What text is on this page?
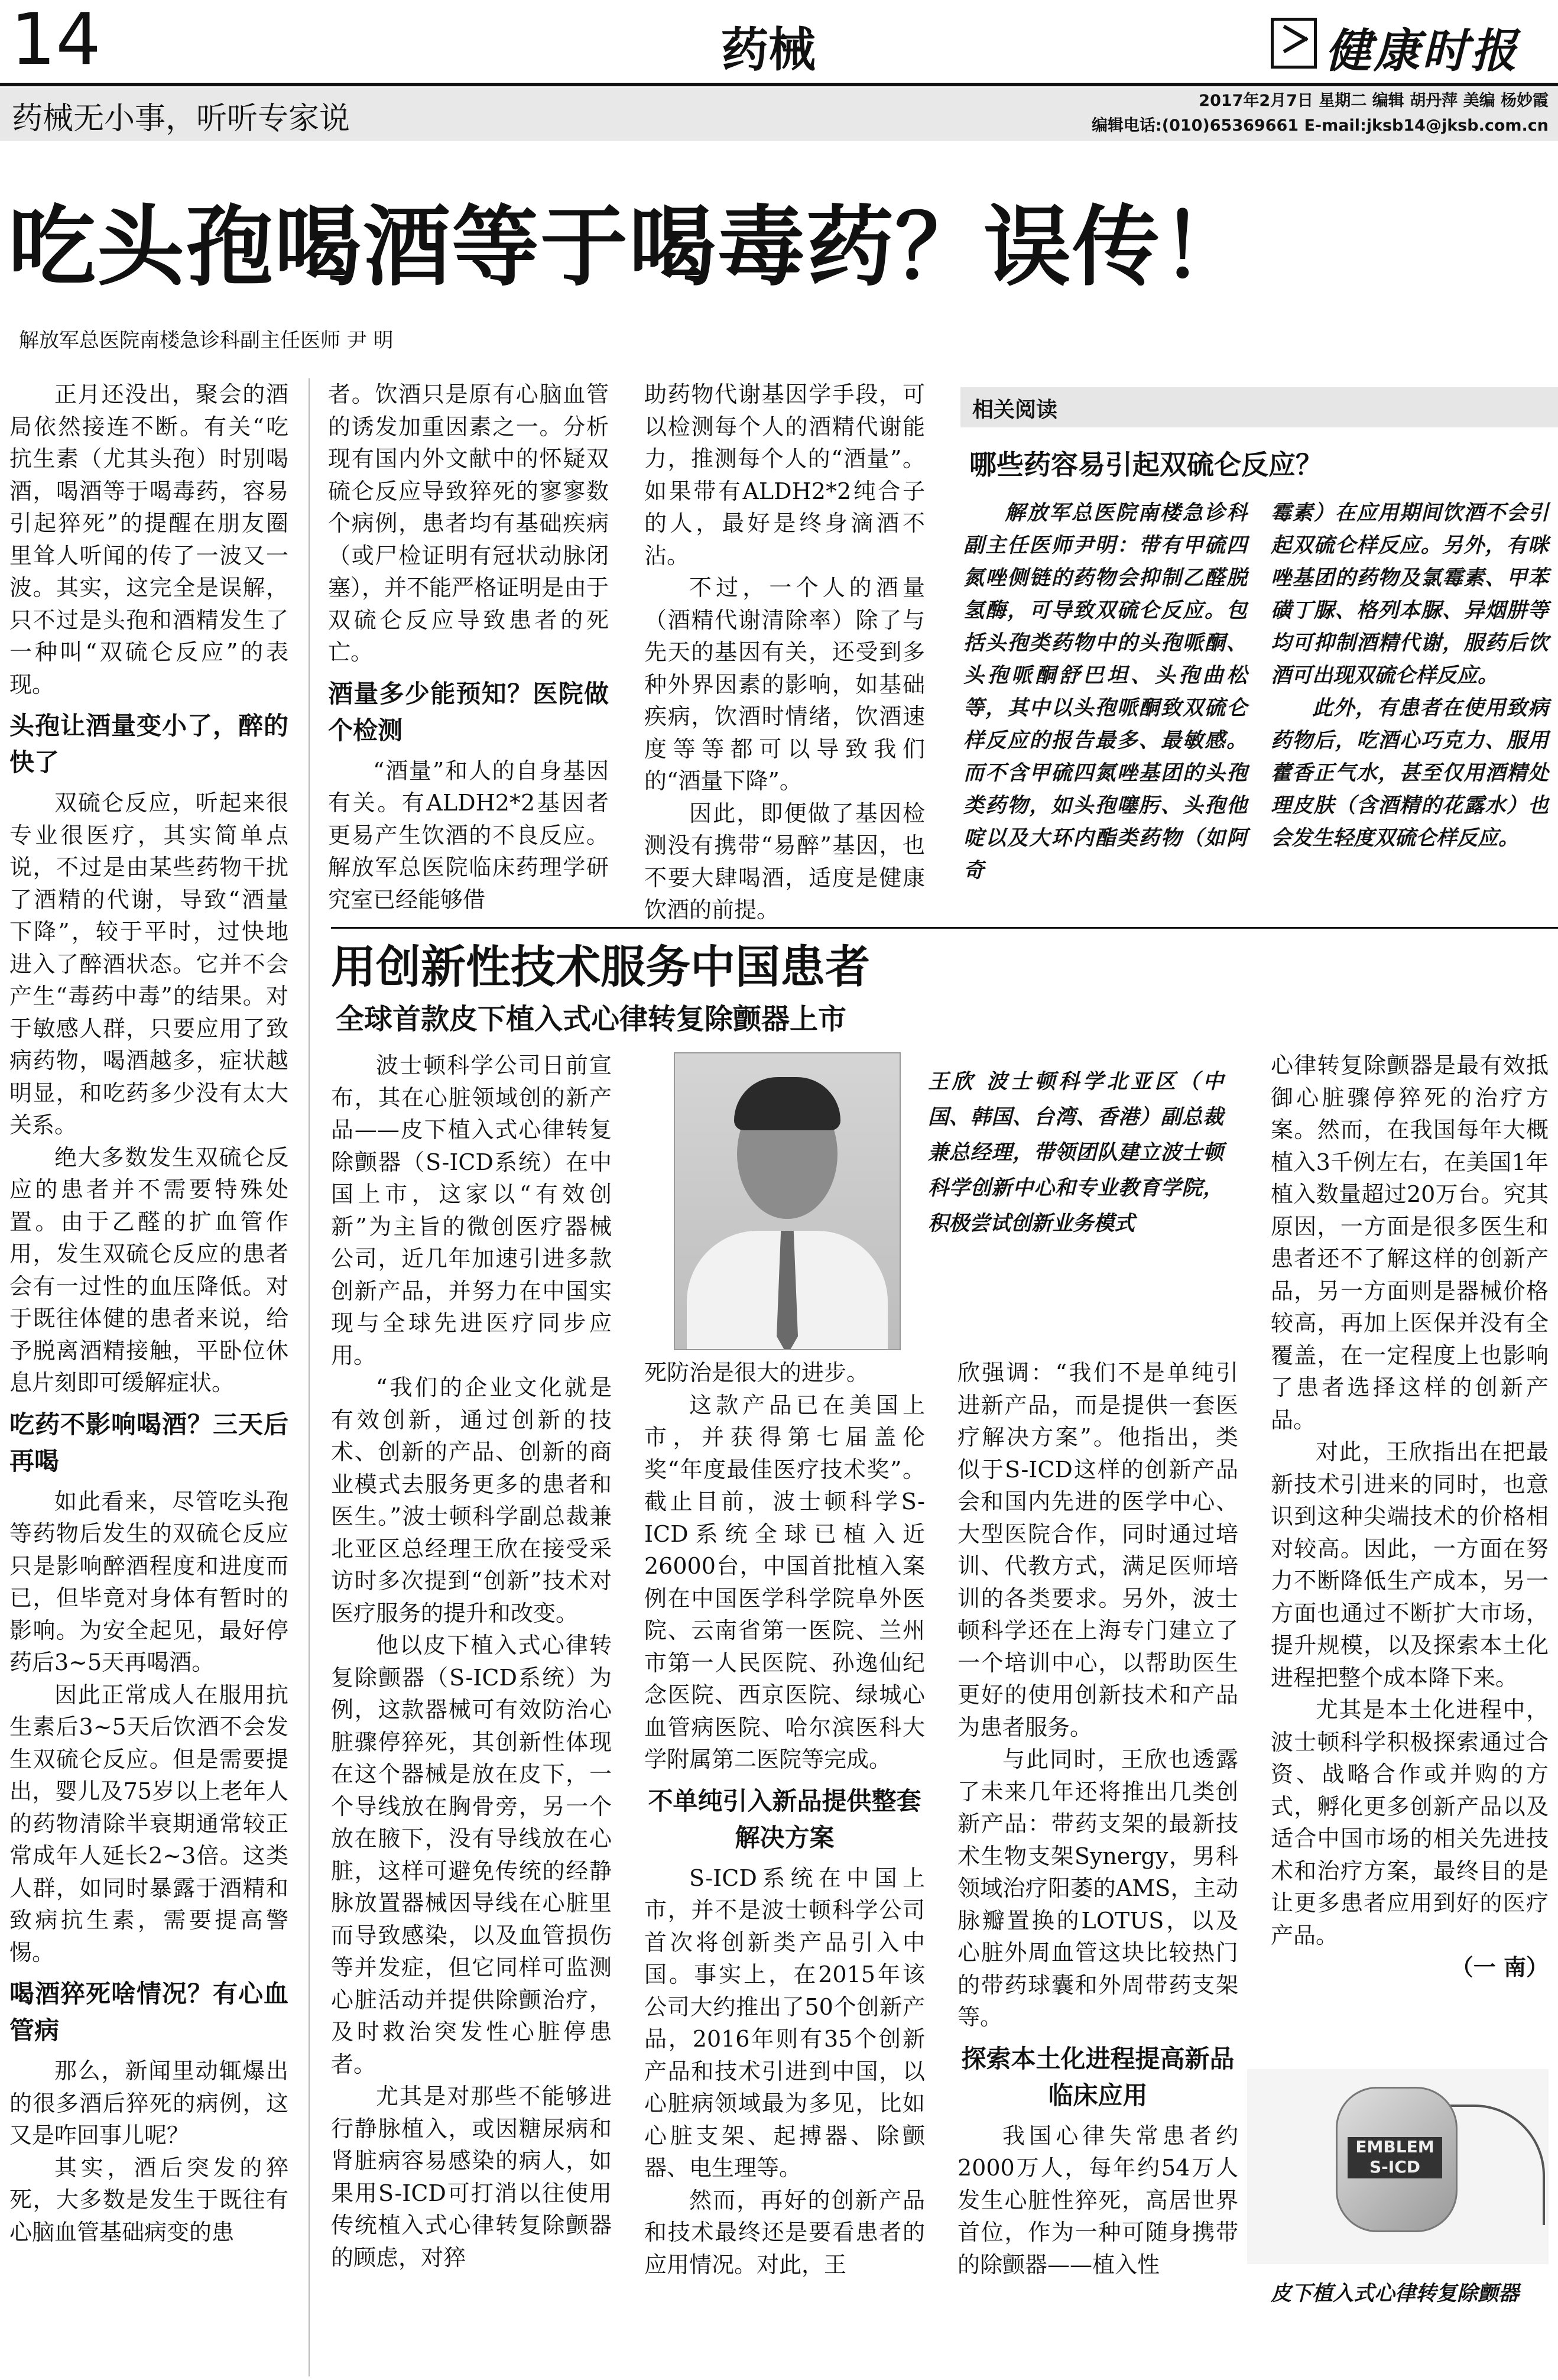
14	药械	健康时报
药械无小事，听听专家说
2017年2月7日 星期二 编辑 胡丹萍 美编 杨妙霞
编辑电话:(010)65369661 E-mail:jksb14@jksb.com.cn
吃头孢喝酒等于喝毒药？误传！
解放军总医院南楼急诊科副主任医师 尹 明

正月还没出，聚会的酒局依然接连不断。有关“吃抗生素（尤其头孢）时别喝酒，喝酒等于喝毒药，容易引起猝死”的提醒在朋友圈里耸人听闻的传了一波又一波。其实，这完全是误解，只不过是头孢和酒精发生了一种叫“双硫仑反应”的表现。

头孢让酒量变小了，醉的快了

双硫仑反应，听起来很专业很医疗，其实简单点说，不过是由某些药物干扰了酒精的代谢，导致“酒量下降”，较于平时，过快地进入了醉酒状态。它并不会产生“毒药中毒”的结果。对于敏感人群，只要应用了致病药物，喝酒越多，症状越明显，和吃药多少没有太大关系。

绝大多数发生双硫仑反应的患者并不需要特殊处置。由于乙醛的扩血管作用，发生双硫仑反应的患者会有一过性的血压降低。对于既往体健的患者来说，给予脱离酒精接触，平卧位休息片刻即可缓解症状。

吃药不影响喝酒？三天后再喝

如此看来，尽管吃头孢等药物后发生的双硫仑反应只是影响醉酒程度和进度而已，但毕竟对身体有暂时的影响。为安全起见，最好停药后3~5天再喝酒。

因此正常成人在服用抗生素后3~5天后饮酒不会发生双硫仑反应。但是需要提出，婴儿及75岁以上老年人的药物清除半衰期通常较正常成年人延长2~3倍。这类人群，如同时暴露于酒精和致病抗生素，需要提高警惕。

喝酒猝死啥情况？有心血管病

那么，新闻里动辄爆出的很多酒后猝死的病例，这又是咋回事儿呢？

其实，酒后突发的猝死，大多数是发生于既往有心脑血管基础病变的患

者。饮酒只是原有心脑血管的诱发加重因素之一。分析现有国内外文献中的怀疑双硫仑反应导致猝死的寥寥数个病例，患者均有基础疾病（或尸检证明有冠状动脉闭塞），并不能严格证明是由于双硫仑反应导致患者的死亡。

酒量多少能预知？医院做个检测

“酒量”和人的自身基因有关。有ALDH2*2基因者更易产生饮酒的不良反应。解放军总医院临床药理学研究室已经能够借

助药物代谢基因学手段，可以检测每个人的酒精代谢能力，推测每个人的“酒量”。如果带有ALDH2*2纯合子的人，最好是终身滴酒不沾。

不过，一个人的酒量（酒精代谢清除率）除了与先天的基因有关，还受到多种外界因素的影响，如基础疾病，饮酒时情绪，饮酒速度等等都可以导致我们的“酒量下降”。

因此，即便做了基因检测没有携带“易醉”基因，也不要大肆喝酒，适度是健康饮酒的前提。

相关阅读
哪些药容易引起双硫仑反应？

解放军总医院南楼急诊科副主任医师尹明：带有甲硫四氮唑侧链的药物会抑制乙醛脱氢酶，可导致双硫仑反应。包括头孢类药物中的头孢哌酮、头孢哌酮舒巴坦、头孢曲松等，其中以头孢哌酮致双硫仑样反应的报告最多、最敏感。而不含甲硫四氮唑基团的头孢类药物，如头孢噻肟、头孢他啶以及大环内酯类药物（如阿奇

霉素）在应用期间饮酒不会引起双硫仑样反应。另外，有咪唑基团的药物及氯霉素、甲苯磺丁脲、格列本脲、异烟肼等均可抑制酒精代谢，服药后饮酒可出现双硫仑样反应。

此外，有患者在使用致病药物后，吃酒心巧克力、服用藿香正气水，甚至仅用酒精处理皮肤（含酒精的花露水）也会发生轻度双硫仑样反应。

用创新性技术服务中国患者
全球首款皮下植入式心律转复除颤器上市

波士顿科学公司日前宣布，其在心脏领域创的新产品——皮下植入式心律转复除颤器（S-ICD系统）在中国上市，这家以“有效创新”为主旨的微创医疗器械公司，近几年加速引进多款创新产品，并努力在中国实现与全球先进医疗同步应用。

“我们的企业文化就是有效创新，通过创新的技术、创新的产品、创新的商业模式去服务更多的患者和医生。”波士顿科学副总裁兼北亚区总经理王欣在接受采访时多次提到“创新”技术对医疗服务的提升和改变。

他以皮下植入式心律转复除颤器（S-ICD系统）为例，这款器械可有效防治心脏骤停猝死，其创新性体现在这个器械是放在皮下，一个导线放在胸骨旁，另一个放在腋下，没有导线放在心脏，这样可避免传统的经静脉放置器械因导线在心脏里而导致感染，以及血管损伤等并发症，但它同样可监测心脏活动并提供除颤治疗，及时救治突发性心脏停患者。

尤其是对那些不能够进行静脉植入，或因糖尿病和肾脏病容易感染的病人，如果用S-ICD可打消以往使用传统植入式心律转复除颤器的顾虑，对猝

王欣 波士顿科学北亚区（中国、韩国、台湾、香港）副总裁兼总经理，带领团队建立波士顿科学创新中心和专业教育学院，积极尝试创新业务模式

死防治是很大的进步。

这款产品已在美国上市，并获得第七届盖伦奖“年度最佳医疗技术奖”。截止目前，波士顿科学S-ICD系统全球已植入近26000台，中国首批植入案例在中国医学科学院阜外医院、云南省第一医院、兰州市第一人民医院、孙逸仙纪念医院、西京医院、绿城心血管病医院、哈尔滨医科大学附属第二医院等完成。

不单纯引入新品提供整套解决方案

S-ICD系统在中国上市，并不是波士顿科学公司首次将创新类产品引入中国。事实上，在2015年该公司大约推出了50个创新产品，2016年则有35个创新产品和技术引进到中国，以心脏病领域最为多见，比如心脏支架、起搏器、除颤器、电生理等。

然而，再好的创新产品和技术最终还是要看患者的应用情况。对此，王

欣强调：“我们不是单纯引进新产品，而是提供一套医疗解决方案”。他指出，类似于S-ICD这样的创新产品会和国内先进的医学中心、大型医院合作，同时通过培训、代教方式，满足医师培训的各类要求。另外，波士顿科学还在上海专门建立了一个培训中心，以帮助医生更好的使用创新技术和产品为患者服务。

与此同时，王欣也透露了未来几年还将推出几类创新产品：带药支架的最新技术生物支架Synergy，男科领域治疗阳萎的AMS，主动脉瓣置换的LOTUS，以及心脏外周血管这块比较热门的带药球囊和外周带药支架等。

探索本土化进程提高新品临床应用

我国心律失常患者约2000万人，每年约54万人发生心脏性猝死，高居世界首位，作为一种可随身携带的除颤器——植入性

心律转复除颤器是最有效抵御心脏骤停猝死的治疗方案。然而，在我国每年大概植入3千例左右，在美国1年植入数量超过20万台。究其原因，一方面是很多医生和患者还不了解这样的创新产品，另一方面则是器械价格较高，再加上医保并没有全覆盖，在一定程度上也影响了患者选择这样的创新产品。

对此，王欣指出在把最新技术引进来的同时，也意识到这种尖端技术的价格相对较高。因此，一方面在努力不断降低生产成本，另一方面也通过不断扩大市场，提升规模，以及探索本土化进程把整个成本降下来。

尤其是本土化进程中，波士顿科学积极探索通过合资、战略合作或并购的方式，孵化更多创新产品以及适合中国市场的相关先进技术和治疗方案，最终目的是让更多患者应用到好的医疗产品。

（一 南）
EMBLEM S-ICD
皮下植入式心律转复除颤器
